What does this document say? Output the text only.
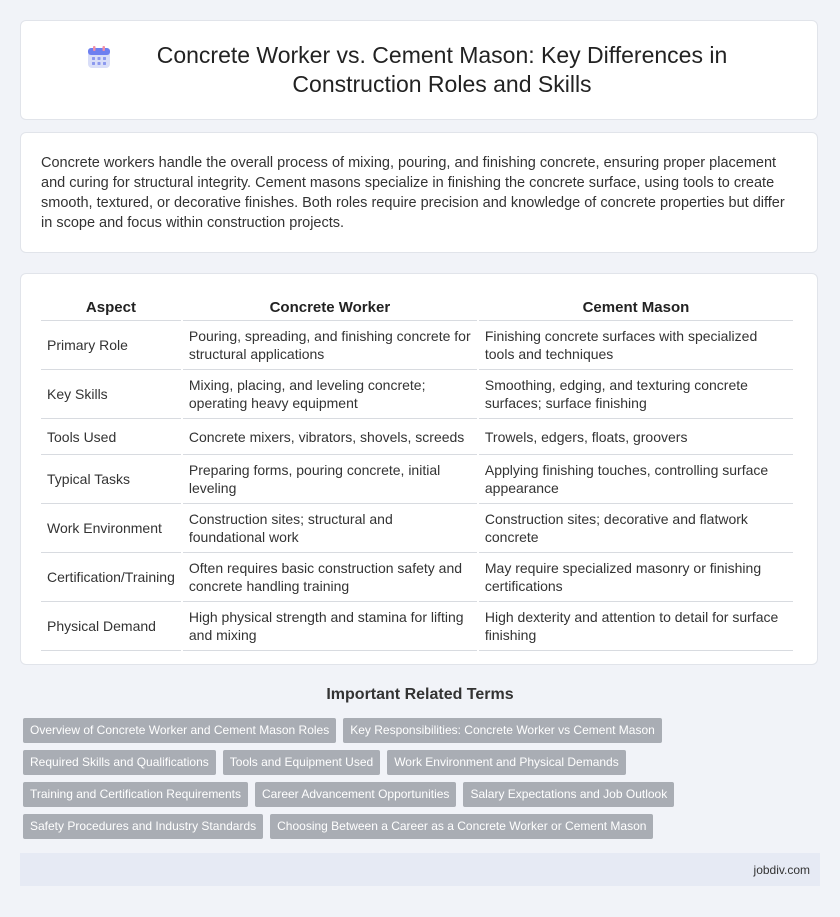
Concrete Worker vs. Cement Mason: Key Differences in Construction Roles and Skills

Concrete workers handle the overall process of mixing, pouring, and finishing concrete, ensuring proper placement and curing for structural integrity. Cement masons specialize in finishing the concrete surface, using tools to create smooth, textured, or decorative finishes. Both roles require precision and knowledge of concrete properties but differ in scope and focus within construction projects.

Aspect	Concrete Worker	Cement Mason
Primary Role	Pouring, spreading, and finishing concrete for structural applications	Finishing concrete surfaces with specialized tools and techniques
Key Skills	Mixing, placing, and leveling concrete; operating heavy equipment	Smoothing, edging, and texturing concrete surfaces; surface finishing
Tools Used	Concrete mixers, vibrators, shovels, screeds	Trowels, edgers, floats, groovers
Typical Tasks	Preparing forms, pouring concrete, initial leveling	Applying finishing touches, controlling surface appearance
Work Environment	Construction sites; structural and foundational work	Construction sites; decorative and flatwork concrete
Certification/Training	Often requires basic construction safety and concrete handling training	May require specialized masonry or finishing certifications
Physical Demand	High physical strength and stamina for lifting and mixing	High dexterity and attention to detail for surface finishing
Important Related Terms
Overview of Concrete Worker and Cement Mason Roles	Key Responsibilities: Concrete Worker vs Cement Mason
Required Skills and Qualifications	Tools and Equipment Used	Work Environment and Physical Demands
Training and Certification Requirements	Career Advancement Opportunities	Salary Expectations and Job Outlook
Safety Procedures and Industry Standards	Choosing Between a Career as a Concrete Worker or Cement Mason
jobdiv.com
